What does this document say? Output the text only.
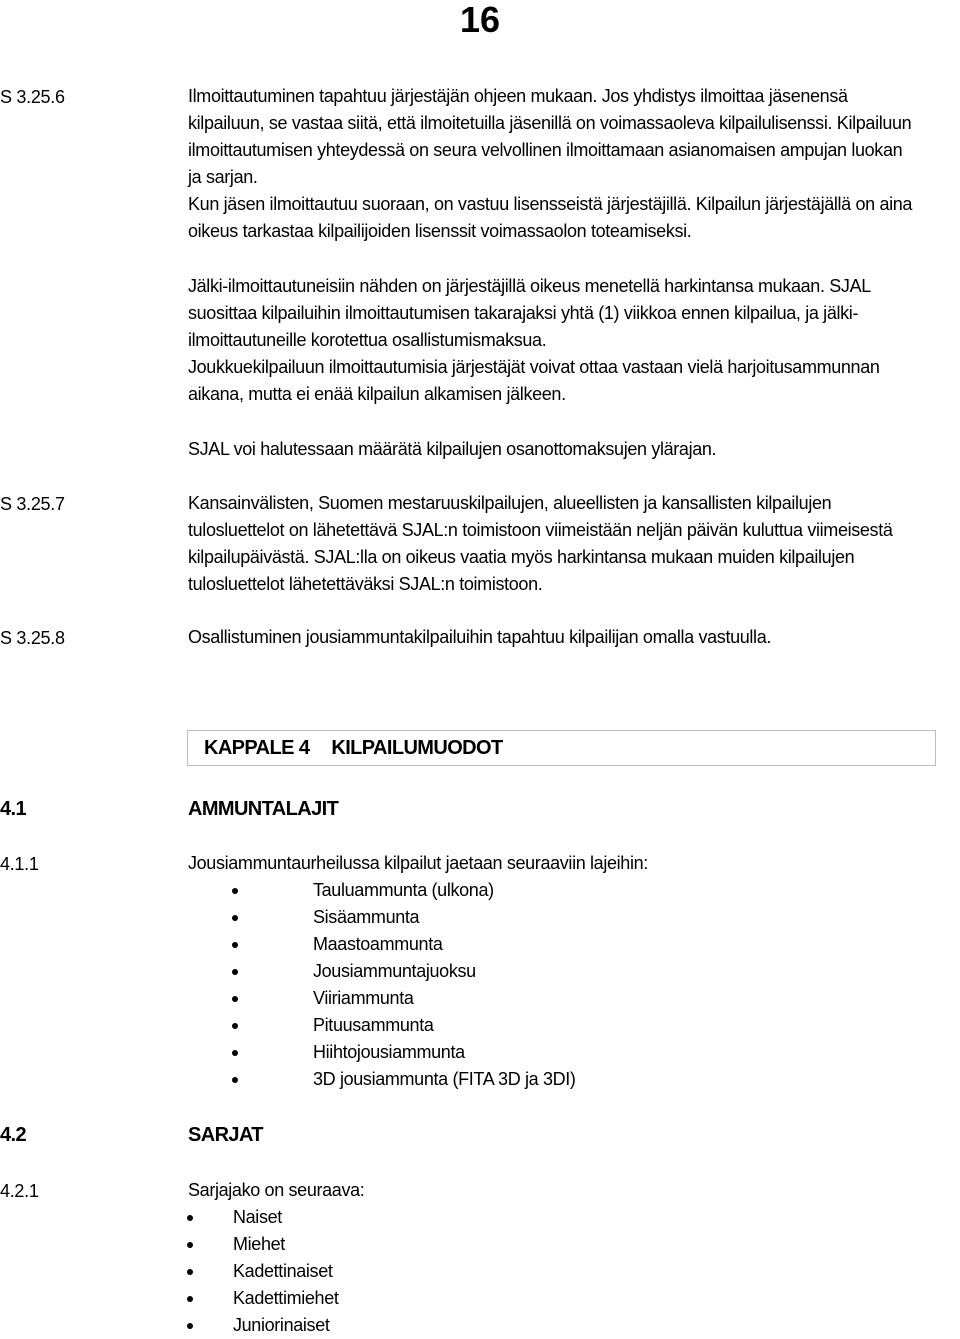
16
S 3.25.6	Ilmoittautuminen tapahtuu järjestäjän ohjeen mukaan. Jos yhdistys ilmoittaa jäsenensä
kilpailuun, se vastaa siitä, että ilmoitetuilla jäsenillä on voimassaoleva kilpailulisenssi. Kilpailuun
ilmoittautumisen yhteydessä on seura velvollinen ilmoittamaan asianomaisen ampujan luokan
ja sarjan.
Kun jäsen ilmoittautuu suoraan, on vastuu lisensseistä järjestäjillä. Kilpailun järjestäjällä on aina
oikeus tarkastaa kilpailijoiden lisenssit voimassaolon toteamiseksi.
Jälki-ilmoittautuneisiin nähden on järjestäjillä oikeus menetellä harkintansa mukaan. SJAL
suosittaa kilpailuihin ilmoittautumisen takarajaksi yhtä (1) viikkoa ennen kilpailua, ja jälki-
ilmoittautuneille korotettua osallistumismaksua.
Joukkuekilpailuun ilmoittautumisia järjestäjät voivat ottaa vastaan vielä harjoitusammunnan
aikana, mutta ei enää kilpailun alkamisen jälkeen.
SJAL voi halutessaan määrätä kilpailujen osanottomaksujen ylärajan.
S 3.25.7	Kansainvälisten, Suomen mestaruuskilpailujen, alueellisten ja kansallisten kilpailujen
tulosluettelot on lähetettävä SJAL:n toimistoon viimeistään neljän päivän kuluttua viimeisestä
kilpailupäivästä. SJAL:lla on oikeus vaatia myös harkintansa mukaan muiden kilpailujen
tulosluettelot lähetettäväksi SJAL:n toimistoon.
S 3.25.8	Osallistuminen jousiammuntakilpailuihin tapahtuu kilpailijan omalla vastuulla.
KAPPALE 4 KILPAILUMUODOT
4.1	AMMUNTALAJIT
4.1.1	Jousiammuntaurheilussa kilpailut jaetaan seuraaviin lajeihin:
Tauluammunta (ulkona)
Sisäammunta
Maastoammunta
Jousiammuntajuoksu
Viiriammunta
Pituusammunta
Hiihtojousiammunta
3D jousiammunta (FITA 3D ja 3DI)
4.2	SARJAT
4.2.1	Sarjajako on seuraava:
Naiset
Miehet
Kadettinaiset
Kadettimiehet
Juniorinaiset
